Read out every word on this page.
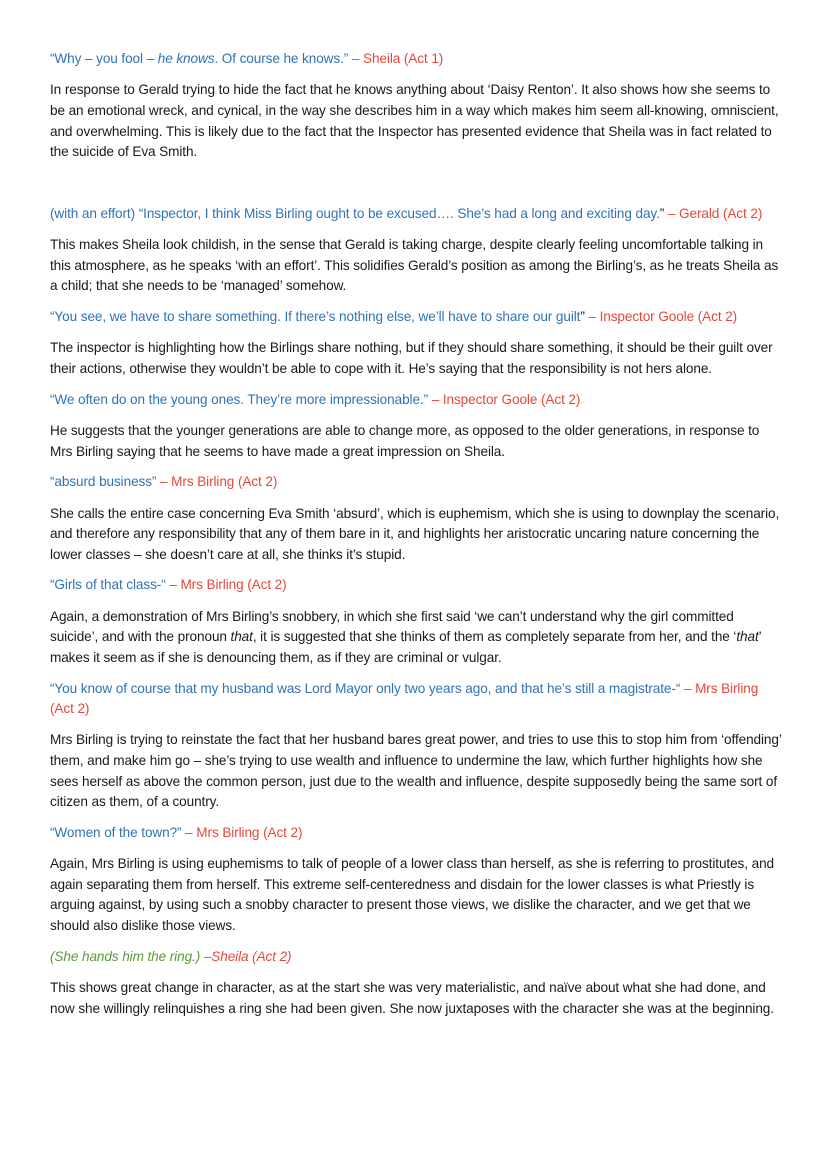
“Why – you fool – he knows. Of course he knows.” – Sheila (Act 1)

In response to Gerald trying to hide the fact that he knows anything about ‘Daisy Renton’. It also shows how she seems to be an emotional wreck, and cynical, in the way she describes him in a way which makes him seem all-knowing, omniscient, and overwhelming. This is likely due to the fact that the Inspector has presented evidence that Sheila was in fact related to the suicide of Eva Smith.

(with an effort) “Inspector, I think Miss Birling ought to be excused…. She’s had a long and exciting day.” – Gerald (Act 2)

This makes Sheila look childish, in the sense that Gerald is taking charge, despite clearly feeling uncomfortable talking in this atmosphere, as he speaks ‘with an effort’. This solidifies Gerald’s position as among the Birling’s, as he treats Sheila as a child; that she needs to be ‘managed’ somehow.

“You see, we have to share something. If there’s nothing else, we’ll have to share our guilt” – Inspector Goole (Act 2)

The inspector is highlighting how the Birlings share nothing, but if they should share something, it should be their guilt over their actions, otherwise they wouldn’t be able to cope with it. He’s saying that the responsibility is not hers alone.

“We often do on the young ones. They’re more impressionable.” – Inspector Goole (Act 2)

He suggests that the younger generations are able to change more, as opposed to the older generations, in response to Mrs Birling saying that he seems to have made a great impression on Sheila.

“absurd business” – Mrs Birling (Act 2)

She calls the entire case concerning Eva Smith ‘absurd’, which is euphemism, which she is using to downplay the scenario, and therefore any responsibility that any of them bare in it, and highlights her aristocratic uncaring nature concerning the lower classes – she doesn’t care at all, she thinks it’s stupid.

“Girls of that class-“ – Mrs Birling (Act 2)

Again, a demonstration of Mrs Birling’s snobbery, in which she first said ‘we can’t understand why the girl committed suicide’, and with the pronoun that, it is suggested that she thinks of them as completely separate from her, and the ‘that’ makes it seem as if she is denouncing them, as if they are criminal or vulgar.

“You know of course that my husband was Lord Mayor only two years ago, and that he’s still a magistrate-“ – Mrs Birling (Act 2)

Mrs Birling is trying to reinstate the fact that her husband bares great power, and tries to use this to stop him from ‘offending’ them, and make him go – she’s trying to use wealth and influence to undermine the law, which further highlights how she sees herself as above the common person, just due to the wealth and influence, despite supposedly being the same sort of citizen as them, of a country.

“Women of the town?” – Mrs Birling (Act 2)

Again, Mrs Birling is using euphemisms to talk of people of a lower class than herself, as she is referring to prostitutes, and again separating them from herself. This extreme self-centeredness and disdain for the lower classes is what Priestly is arguing against, by using such a snobby character to present those views, we dislike the character, and we get that we should also dislike those views.

(She hands him the ring.) –Sheila (Act 2)

This shows great change in character, as at the start she was very materialistic, and naïve about what she had done, and now she willingly relinquishes a ring she had been given. She now juxtaposes with the character she was at the beginning.
